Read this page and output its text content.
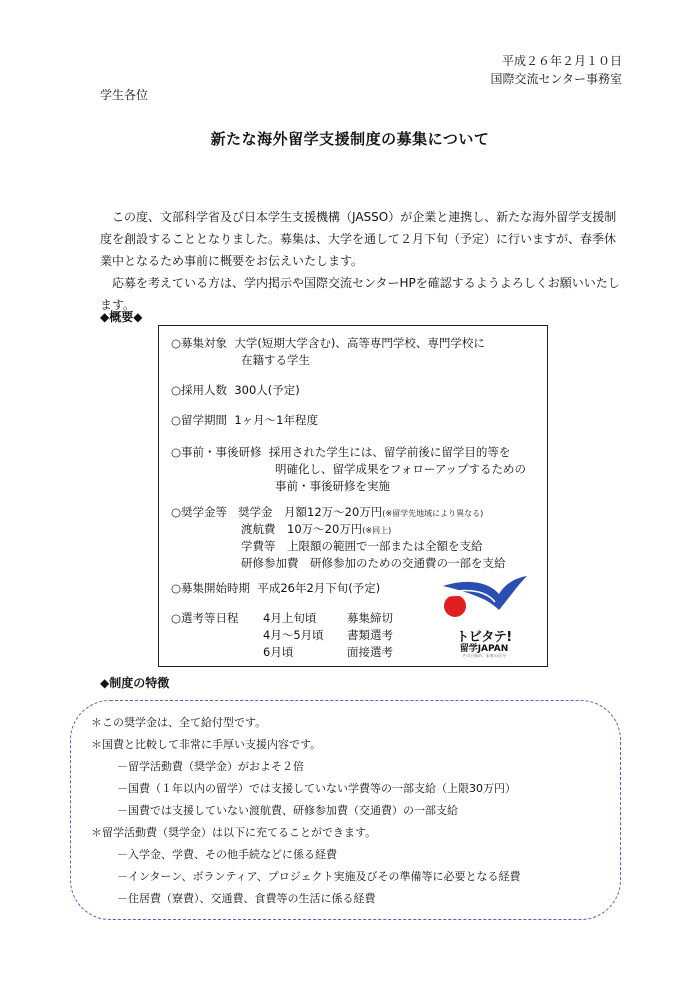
平成２６年２月１０日
国際交流センター事務室
学生各位
新たな海外留学支援制度の募集について

この度、文部科学省及び日本学生支援機構（JASSO）が企業と連携し、新たな海外留学支援制度を創設することとなりました。募集は、大学を通して２月下旬（予定）に行いますが、春季休業中となるため事前に概要をお伝えいたします。

応募を考えている方は、学内掲示や国際交流センターHPを確認するようよろしくお願いいたします。

◆概要◆
○募集対象 大学(短期大学含む)、高等専門学校、専門学校に
在籍する学生
○採用人数 300人(予定)
○留学期間 1ヶ月～1年程度
○事前・事後研修 採用された学生には、留学前後に留学目的等を
明確化し、留学成果をフォローアップするための
事前・事後研修を実施
○奨学金等 奨学金　月額12万～20万円(※留学先地域により異なる)
渡航費　10万～20万円(※同上)
学費等　上限額の範囲で一部または全額を支給
研修参加費　研修参加のための交通費の一部を支給
○募集開始時期 平成26年2月下旬(予定)
○選考等日程 4月上旬頃	募集締切
4月～5月頃 書類選考
6月頃	面接選考
トビタテ!
留学JAPAN
その日始め、未来の自分
◆制度の特徴
＊この奨学金は、全て給付型です。
＊国費と比較して非常に手厚い支援内容です。
－留学活動費（奨学金）がおよそ２倍
－国費（１年以内の留学）では支援していない学費等の一部支給（上限30万円）
－国費では支援していない渡航費、研修参加費（交通費）の一部支給
＊留学活動費（奨学金）は以下に充てることができます。
－入学金、学費、その他手続などに係る経費
－インターン、ボランティア、プロジェクト実施及びその準備等に必要となる経費
－住居費（寮費）、交通費、食費等の生活に係る経費
